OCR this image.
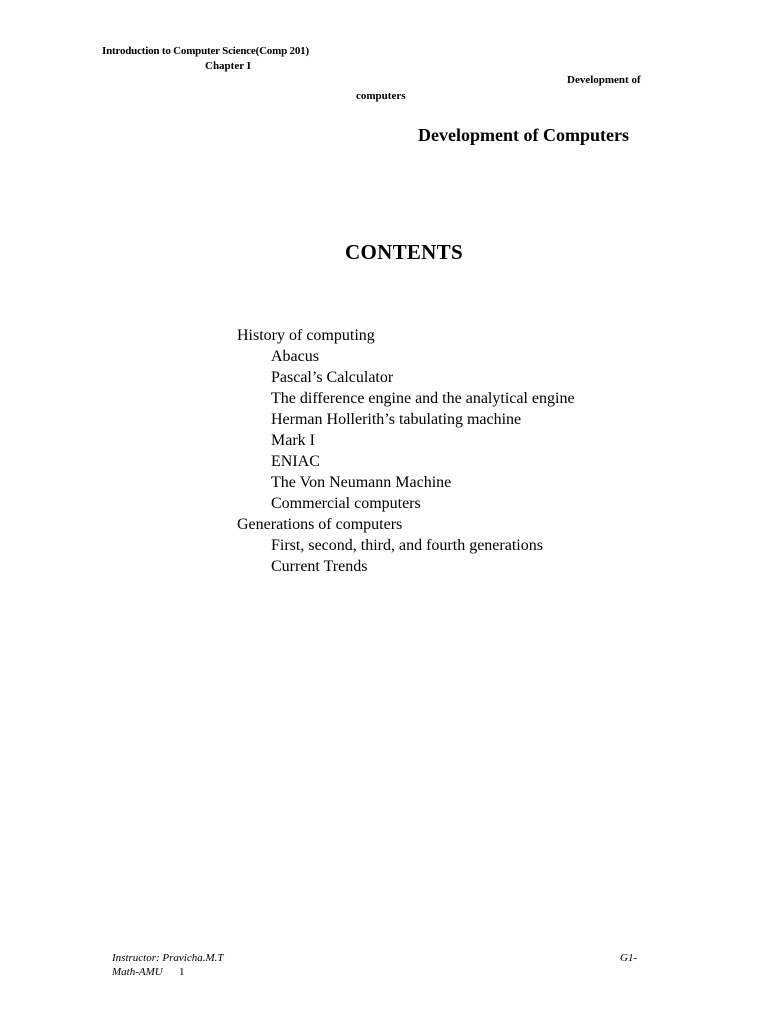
Introduction to Computer Science(Comp 201)
Chapter I
Development of
computers
Development of Computers
CONTENTS
History of computing
Abacus
Pascal’s Calculator
The difference engine and the analytical engine
Herman Hollerith’s tabulating machine
Mark I
ENIAC
The Von Neumann Machine
Commercial computers
Generations of computers
First, second, third, and fourth generations
Current Trends
Instructor: Pravicha.M.T	G1-
Math-AMU 1
